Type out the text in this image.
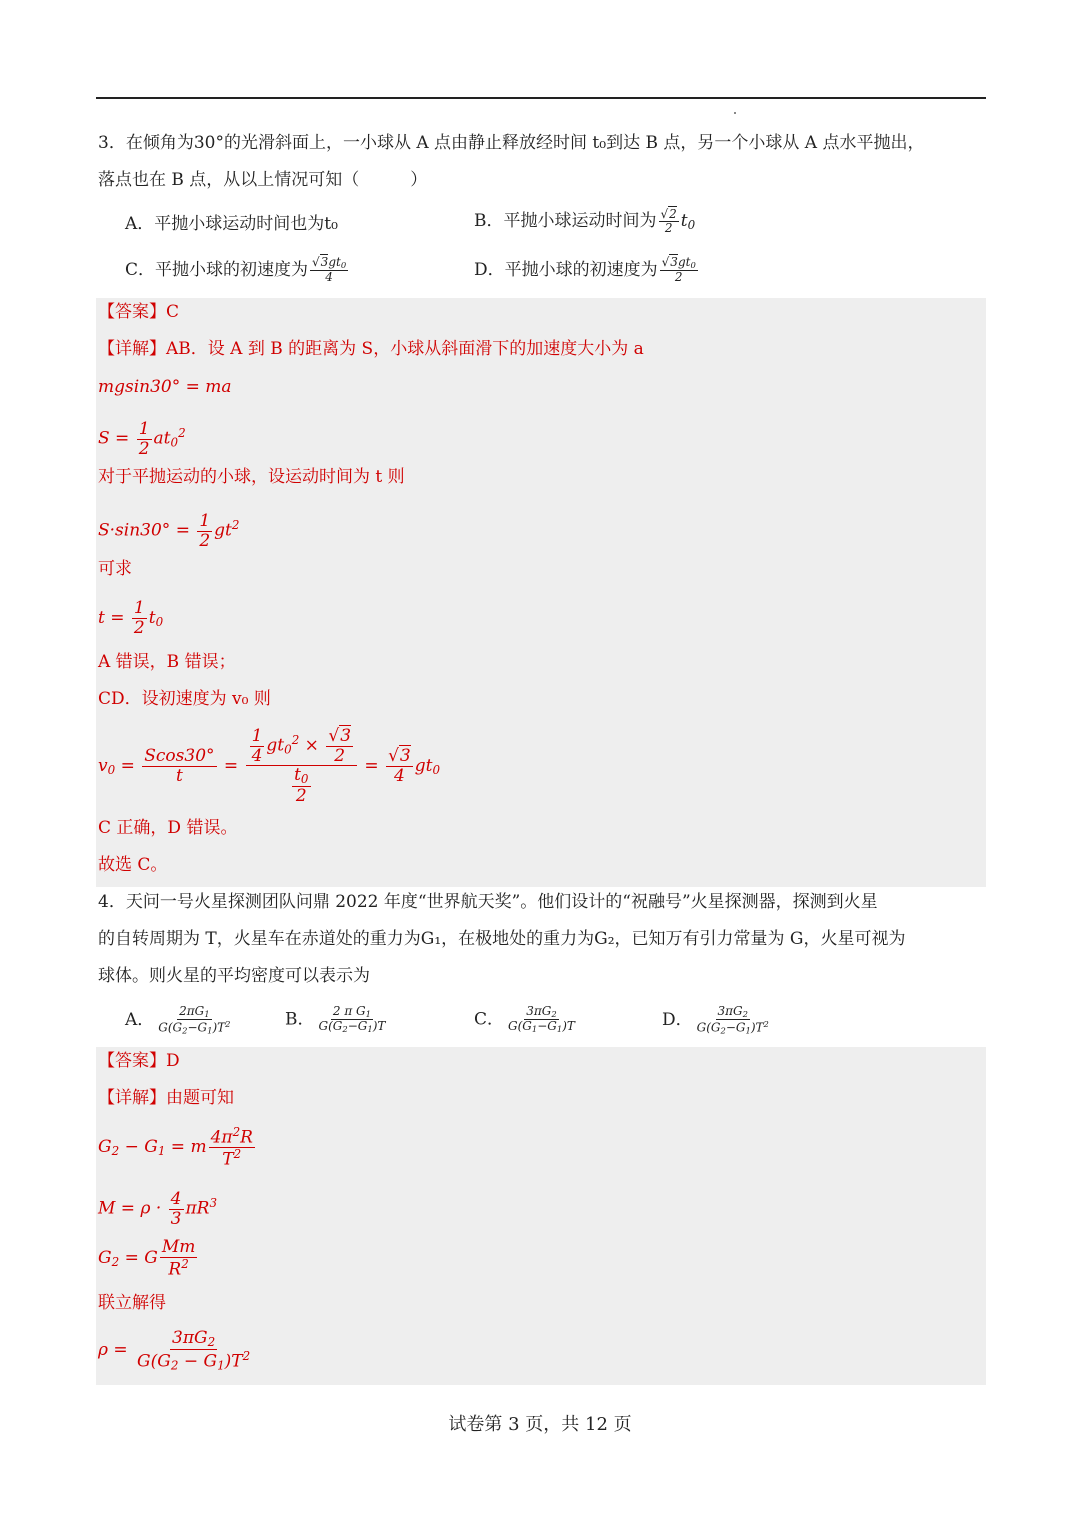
3．在倾角为30°的光滑斜面上，一小球从 A 点由静止释放经时间 t₀到达 B 点，另一个小球从 A 点水平抛出，
落点也在 B 点，从以上情况可知（　　　）
A．平抛小球运动时间也为t₀	B．平抛小球运动时间为 $\frac{√2}{2} t_0$
C．平抛小球的初速度为 $\frac{√3gt_0}{4}$	D．平抛小球的初速度为 $\frac{√3gt_0}{2}$
【答案】C
【详解】AB．设 A 到 B 的距离为 S，小球从斜面滑下的加速度大小为 a
mgsin30° = ma
$S = \frac{1}{2} at_0^2$
对于平抛运动的小球，设运动时间为 t 则
$S\cdot\sin 30^\circ = \frac{1}{2} gt^2$
可求
$t = \frac{1}{2} t_0$
A 错误，B 错误；
CD．设初速度为 v₀ 则
$v_0 = \frac{Scos30^\circ}{t} = \frac{\frac{1}{4} gt_0^2 \times \frac{√3}{2}}{\frac{t_0}{2}} = \frac{√3}{4} gt_0$
C 正确，D 错误。
故选 C。
4．天问一号火星探测团队问鼎 2022 年度“世界航天奖”。他们设计的“祝融号”火星探测器，探测到火星
的自转周期为 T，火星车在赤道处的重力为G₁，在极地处的重力为G₂，已知万有引力常量为 G，火星可视为
球体。则火星的平均密度可以表示为
A． $\frac{2\pi G_1}{G(G_2-G_1)T^2}$	B． $\frac{2 \pi G_1}{G(G_2-G_1)T}$	C． $\frac{3\pi G_2}{G(G_1-G_1)T}$	D． $\frac{3\pi G_2}{G(G_2-G_1)T^2}$
【答案】D
【详解】由题可知
$G_2 - G_1 = m \frac{4\pi^2R}{T^2}$
$M = \rho \cdot \frac{4}{3} \pi R^3$
$G_2 = G \frac{Mm}{R^2}$
联立解得
$\rho = \frac{3\pi G_2}{G(G_2 - G_1)T^2}$
试卷第 3 页，共 12 页
